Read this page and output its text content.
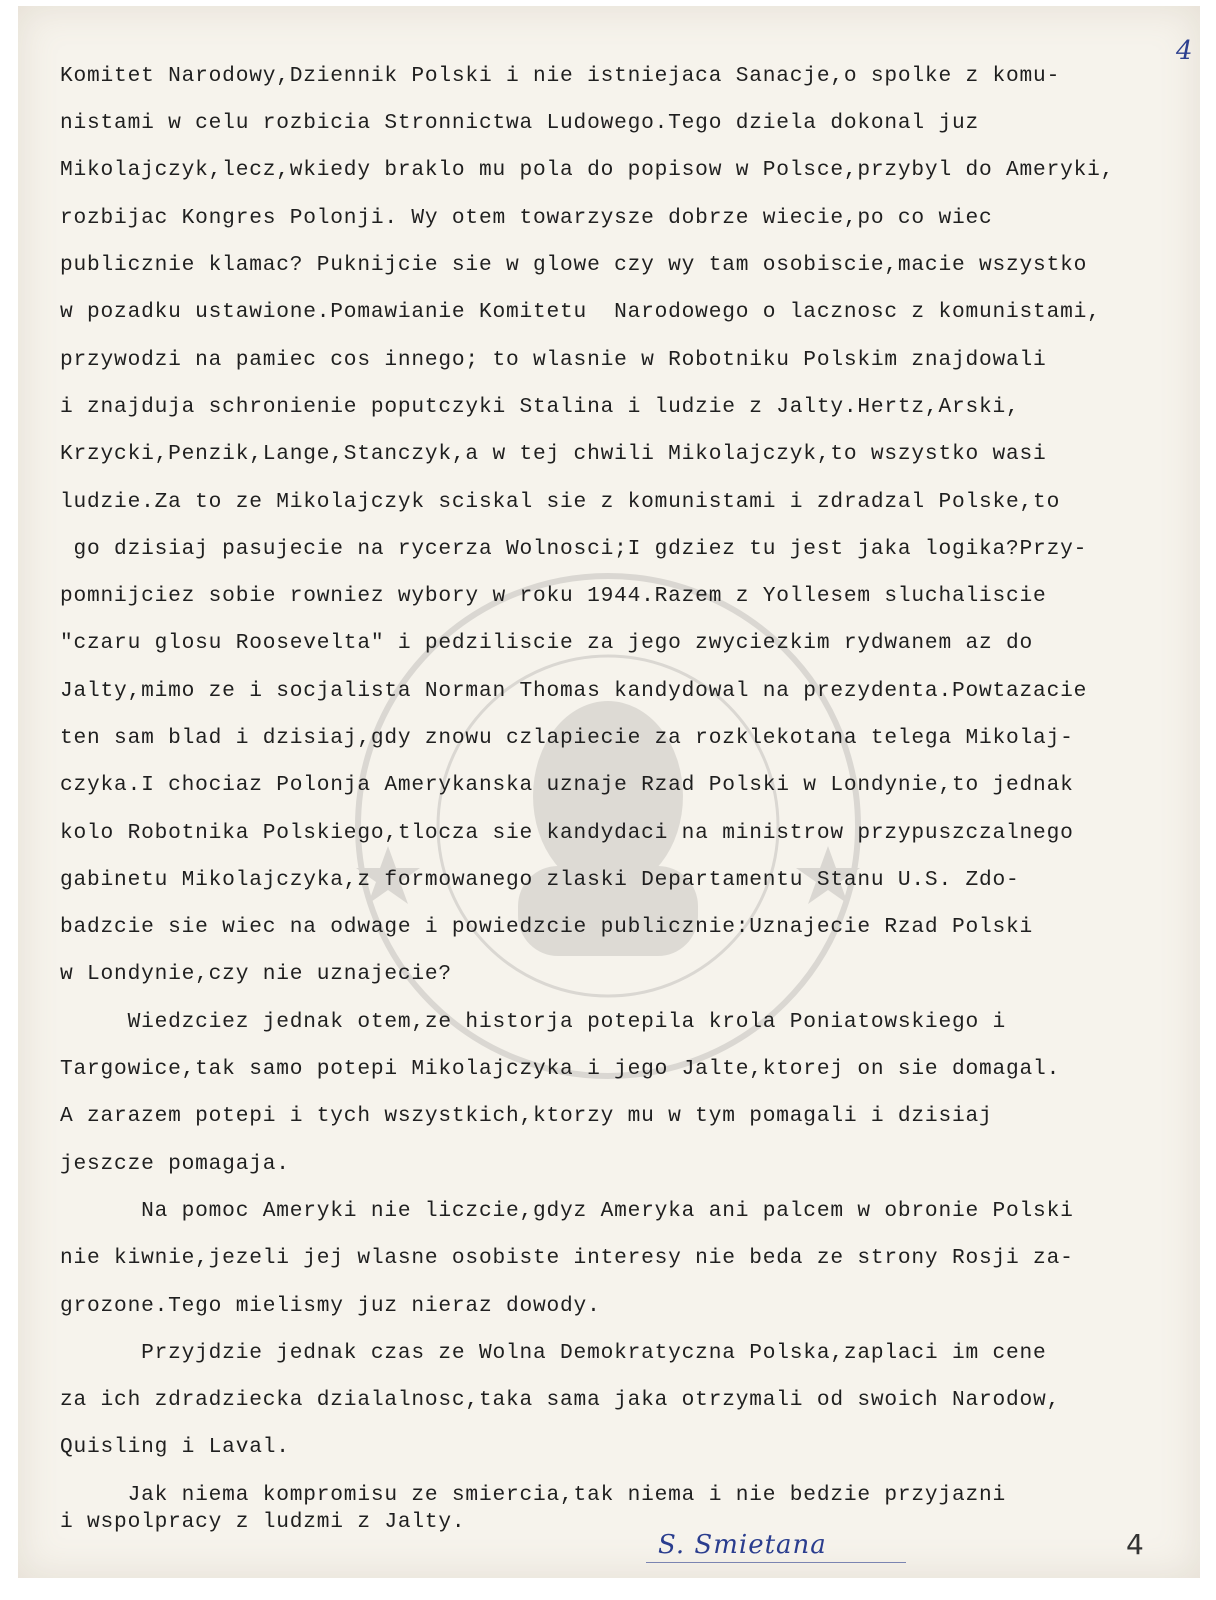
4
Komitet Narodowy,Dziennik Polski i nie istniejaca Sanacje,o spolke z komu-
nistami w celu rozbicia Stronnictwa Ludowego.Tego dziela dokonal juz
Mikolajczyk,lecz,wkiedy braklo mu pola do popisow w Polsce,przybyl do Ameryki,
rozbijac Kongres Polonji. Wy otem towarzysze dobrze wiecie,po co wiec
publicznie klamac? Puknijcie sie w glowe czy wy tam osobiscie,macie wszystko
w pozadku ustawione.Pomawianie Komitetu  Narodowego o lacznosc z komunistami,
przywodzi na pamiec cos innego; to wlasnie w Robotniku Polskim znajdowali
i znajduja schronienie poputczyki Stalina i ludzie z Jalty.Hertz,Arski,
Krzycki,Penzik,Lange,Stanczyk,a w tej chwili Mikolajczyk,to wszystko wasi
ludzie.Za to ze Mikolajczyk sciskal sie z komunistami i zdradzal Polske,to
go dzisiaj pasujecie na rycerza Wolnosci;I gdziez tu jest jaka logika?Przy-
pomnijciez sobie rowniez wybory w roku 1944.Razem z Yollesem sluchaliscie
"czaru glosu Roosevelta" i pedziliscie za jego zwyciezkim rydwanem az do
Jalty,mimo ze i socjalista Norman Thomas kandydowal na prezydenta.Powtazacie
ten sam blad i dzisiaj,gdy znowu czlapiecie za rozklekotana telega Mikolaj-
czyka.I chociaz Polonja Amerykanska uznaje Rzad Polski w Londynie,to jednak
kolo Robotnika Polskiego,tlocza sie kandydaci na ministrow przypuszczalnego
gabinetu Mikolajczyka,z formowanego zlaski Departamentu Stanu U.S. Zdo-
badzcie sie wiec na odwage i powiedzcie publicznie:Uznajecie Rzad Polski
w Londynie,czy nie uznajecie?
Wiedzciez jednak otem,ze historja potepila krola Poniatowskiego i
Targowice,tak samo potepi Mikolajczyka i jego Jalte,ktorej on sie domagal.
A zarazem potepi i tych wszystkich,ktorzy mu w tym pomagali i dzisiaj
jeszcze pomagaja.
Na pomoc Ameryki nie liczcie,gdyz Ameryka ani palcem w obronie Polski
nie kiwnie,jezeli jej wlasne osobiste interesy nie beda ze strony Rosji za-
grozone.Tego mielismy juz nieraz dowody.
Przyjdzie jednak czas ze Wolna Demokratyczna Polska,zaplaci im cene
za ich zdradziecka dzialalnosc,taka sama jaka otrzymali od swoich Narodow,
Quisling i Laval.
Jak niema kompromisu ze smiercia,tak niema i nie bedzie przyjazni
i wspolpracy z ludzmi z Jalty.
S. Smietana	4
